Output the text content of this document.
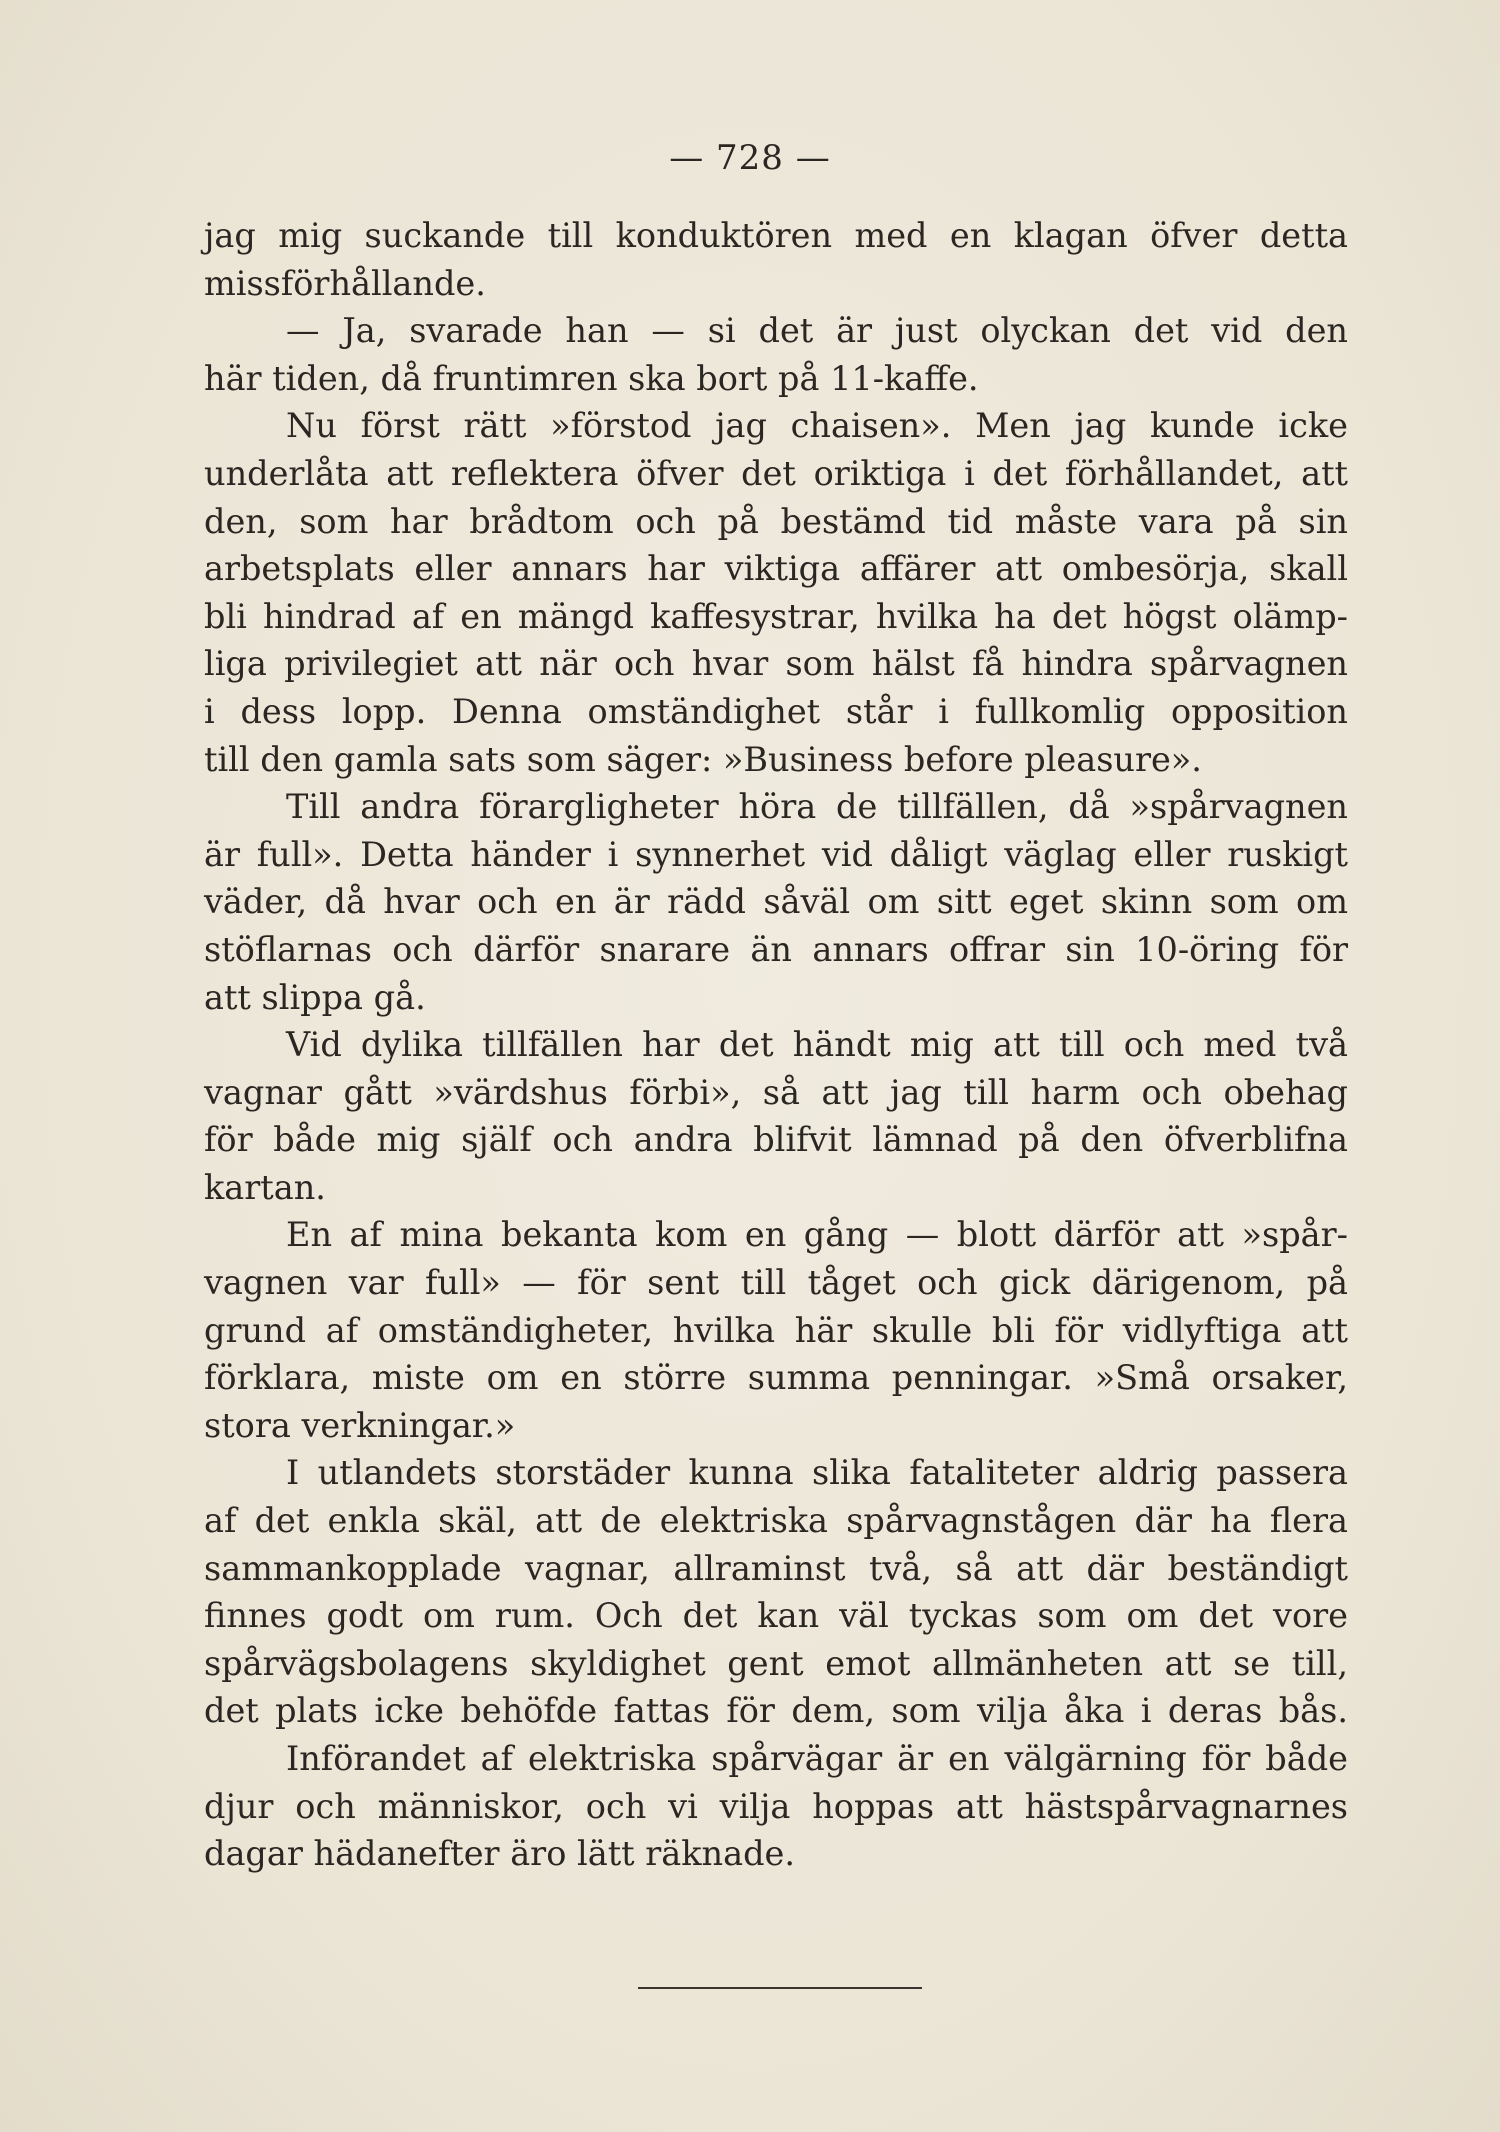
— 728 —
jag mig suckande till konduktören med en klagan öfver detta
missförhållande.
— Ja, svarade han — si det är just olyckan det vid den
här tiden, då fruntimren ska bort på 11-kaffe.
Nu först rätt »förstod jag chaisen». Men jag kunde icke
underlåta att reflektera öfver det oriktiga i det förhållandet, att
den, som har brådtom och på bestämd tid måste vara på sin
arbetsplats eller annars har viktiga affärer att ombesörja, skall
bli hindrad af en mängd kaffesystrar, hvilka ha det högst olämp-
liga privilegiet att när och hvar som hälst få hindra spårvagnen
i dess lopp. Denna omständighet står i fullkomlig opposition
till den gamla sats som säger: »Business before pleasure».
Till andra förargligheter höra de tillfällen, då »spårvagnen
är full». Detta händer i synnerhet vid dåligt väglag eller ruskigt
väder, då hvar och en är rädd såväl om sitt eget skinn som om
stöflarnas och därför snarare än annars offrar sin 10-öring för
att slippa gå.
Vid dylika tillfällen har det händt mig att till och med två
vagnar gått »värdshus förbi», så att jag till harm och obehag
för både mig själf och andra blifvit lämnad på den öfverblifna
kartan.
En af mina bekanta kom en gång — blott därför att »spår-
vagnen var full» — för sent till tåget och gick därigenom, på
grund af omständigheter, hvilka här skulle bli för vidlyftiga att
förklara, miste om en större summa penningar. »Små orsaker,
stora verkningar.»
I utlandets storstäder kunna slika fataliteter aldrig passera
af det enkla skäl, att de elektriska spårvagnstågen där ha flera
sammankopplade vagnar, allraminst två, så att där beständigt
finnes godt om rum. Och det kan väl tyckas som om det vore
spårvägsbolagens skyldighet gent emot allmänheten att se till,
det plats icke behöfde fattas för dem, som vilja åka i deras bås.
Införandet af elektriska spårvägar är en välgärning för både
djur och människor, och vi vilja hoppas att hästspårvagnarnes
dagar hädanefter äro lätt räknade.
